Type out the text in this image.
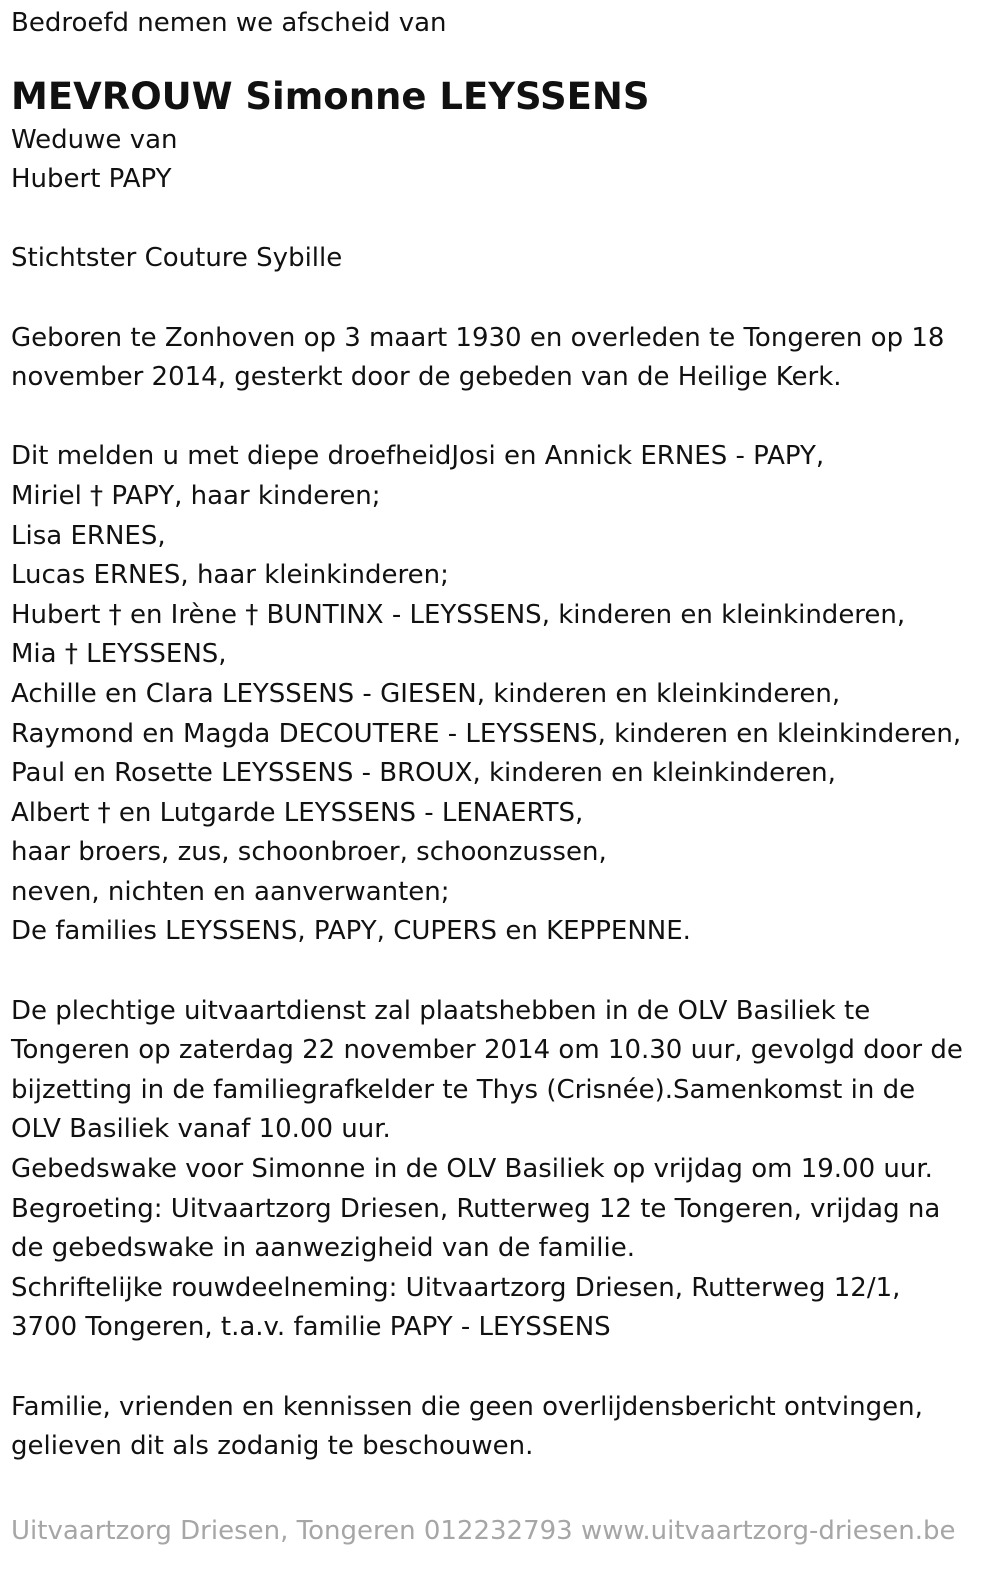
Bedroefd nemen we afscheid van
MEVROUW Simonne LEYSSENS
Weduwe van
Hubert PAPY
Stichtster Couture Sybille
Geboren te Zonhoven op 3 maart 1930 en overleden te Tongeren op 18
november 2014, gesterkt door de gebeden van de Heilige Kerk.
Dit melden u met diepe droefheidJosi en Annick ERNES - PAPY,
Miriel † PAPY, haar kinderen;
Lisa ERNES,
Lucas ERNES, haar kleinkinderen;
Hubert † en Irène † BUNTINX - LEYSSENS, kinderen en kleinkinderen,
Mia † LEYSSENS,
Achille en Clara LEYSSENS - GIESEN, kinderen en kleinkinderen,
Raymond en Magda DECOUTERE - LEYSSENS, kinderen en kleinkinderen,
Paul en Rosette LEYSSENS - BROUX, kinderen en kleinkinderen,
Albert † en Lutgarde LEYSSENS - LENAERTS,
haar broers, zus, schoonbroer, schoonzussen,
neven, nichten en aanverwanten;
De families LEYSSENS, PAPY, CUPERS en KEPPENNE.
De plechtige uitvaartdienst zal plaatshebben in de OLV Basiliek te
Tongeren op zaterdag 22 november 2014 om 10.30 uur, gevolgd door de
bijzetting in de familiegrafkelder te Thys (Crisnée).Samenkomst in de
OLV Basiliek vanaf 10.00 uur.
Gebedswake voor Simonne in de OLV Basiliek op vrijdag om 19.00 uur.
Begroeting: Uitvaartzorg Driesen, Rutterweg 12 te Tongeren, vrijdag na
de gebedswake in aanwezigheid van de familie.
Schriftelijke rouwdeelneming: Uitvaartzorg Driesen, Rutterweg 12/1,
3700 Tongeren, t.a.v. familie PAPY - LEYSSENS
Familie, vrienden en kennissen die geen overlijdensbericht ontvingen,
gelieven dit als zodanig te beschouwen.
Uitvaartzorg Driesen, Tongeren 012232793 www.uitvaartzorg-driesen.be
